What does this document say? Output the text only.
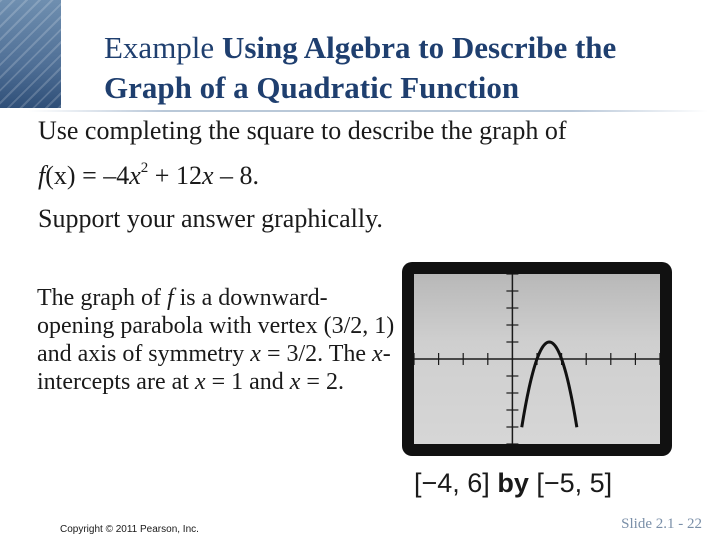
Example Using Algebra to Describe the Graph of a Quadratic Function
Use completing the square to describe the graph of
$f(x) = -4x^2 + 12x - 8$.
Support your answer graphically.
The graph of f is a downward-opening parabola with vertex (3/2, 1) and axis of symmetry x = 3/2. The x-intercepts are at x = 1 and x = 2.
[−4, 6] by [−5, 5]
Copyright © 2011 Pearson, Inc.	Slide 2.1 - 22
